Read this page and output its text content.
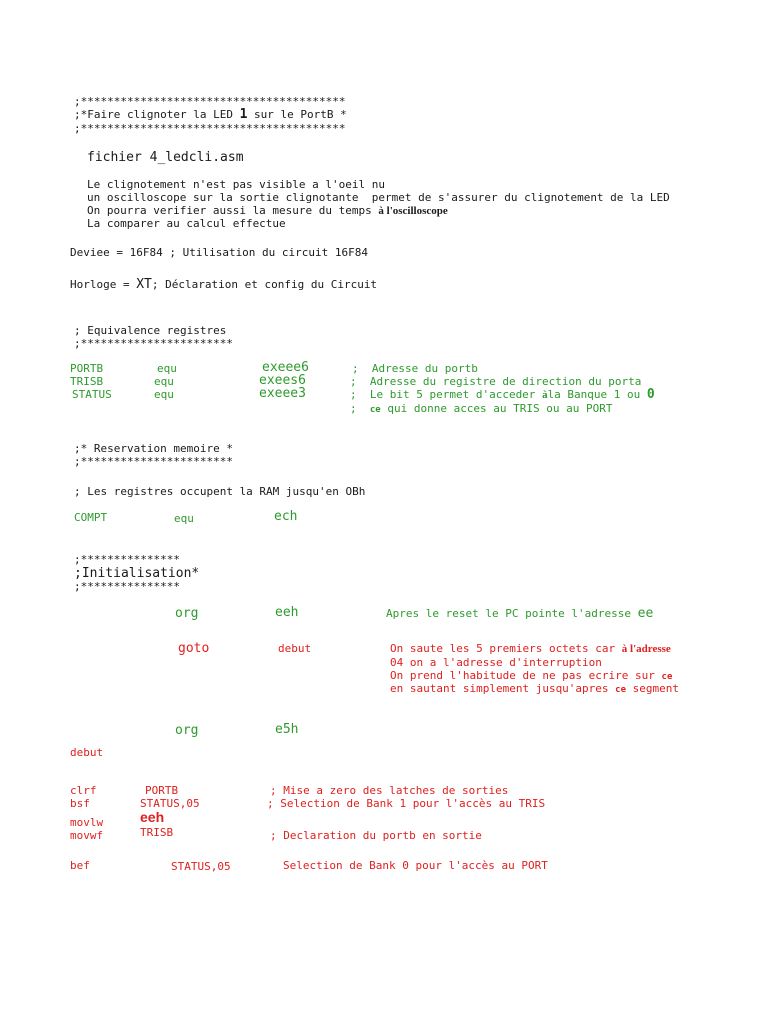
;****************************************
;*Faire clignoter la LED 1 sur le PortB *
;****************************************
fichier 4_ledcli.asm
Le clignotement n'est pas visible a l'oeil nu
un oscilloscope sur la sortie clignotante  permet de s'assurer du clignotement de la LED
On pourra verifier aussi la mesure du temps à l'oscilloscope
La comparer au calcul effectue
Deviee = 16F84 ; Utilisation du circuit 16F84
Horloge = XT; Déclaration et config du Circuit
; Equivalence registres
;***********************
PORTB	equ	exeee6	;  Adresse du portb
TRISB	equ	exees6	;  Adresse du registre de direction du porta
STATUS	equ	exeee3	;  Le bit 5 permet d'acceder àla Banque 1 ou 0
;  ce qui donne acces au TRIS ou au PORT
;* Reservation memoire *
;***********************
; Les registres occupent la RAM jusqu'en OBh
COMPT	equ	ech
;***************
;Initialisation*
;***************
org	eeh	Apres le reset le PC pointe l'adresse ee
goto	debut	On saute les 5 premiers octets car à l'adresse
04 on a l'adresse d'interruption
On prend l'habitude de ne pas ecrire sur ce
en sautant simplement jusqu'apres ce segment
org	e5h
debut
clrf	PORTB	; Mise a zero des latches de sorties
bsf	STATUS,05	; Selection de Bank 1 pour l'accès au TRIS
movlw	eeh
movwf	TRISB	; Declaration du portb en sortie
bef	STATUS,05	Selection de Bank 0 pour l'accès au PORT
